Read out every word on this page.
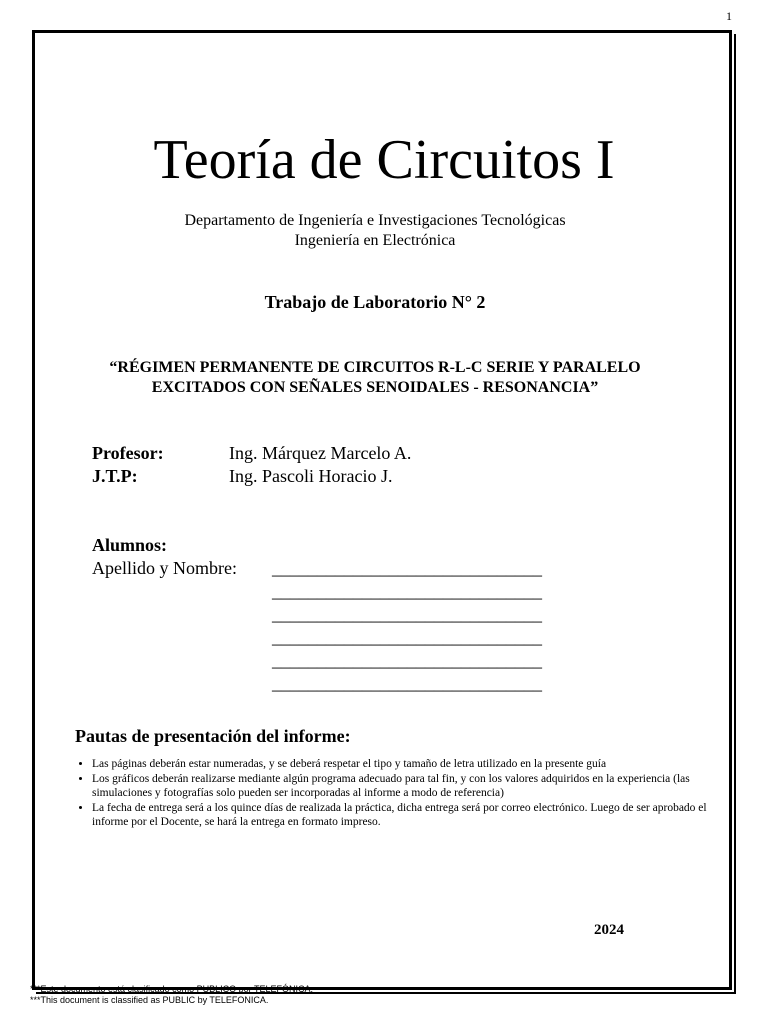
1
Teoría de Circuitos I
Departamento de Ingeniería e Investigaciones Tecnológicas
Ingeniería en Electrónica
Trabajo de Laboratorio N° 2
“RÉGIMEN PERMANENTE DE CIRCUITOS R-L-C SERIE Y PARALELO
EXCITADOS CON SEÑALES SENOIDALES - RESONANCIA”
Profesor:	Ing. Márquez Marcelo A.
J.T.P:	Ing. Pascoli Horacio J.
Alumnos:
Apellido y Nombre:	______________________________
______________________________
______________________________
______________________________
______________________________
______________________________
Pautas de presentación del informe:
• Las páginas deberán estar numeradas, y se deberá respetar el tipo y tamaño de letra utilizado en la presente guía
• Los gráficos deberán realizarse mediante algún programa adecuado para tal fin, y con los valores adquiridos en la experiencia (las simulaciones y fotografías solo pueden ser incorporadas al informe a modo de referencia)
• La fecha de entrega será a los quince días de realizada la práctica, dicha entrega será por correo electrónico. Luego de ser aprobado el informe por el Docente, se hará la entrega en formato impreso.
2024
***Este documento está clasificado como PUBLICO por TELEFÓNICA.
***This document is classified as PUBLIC by TELEFONICA.
